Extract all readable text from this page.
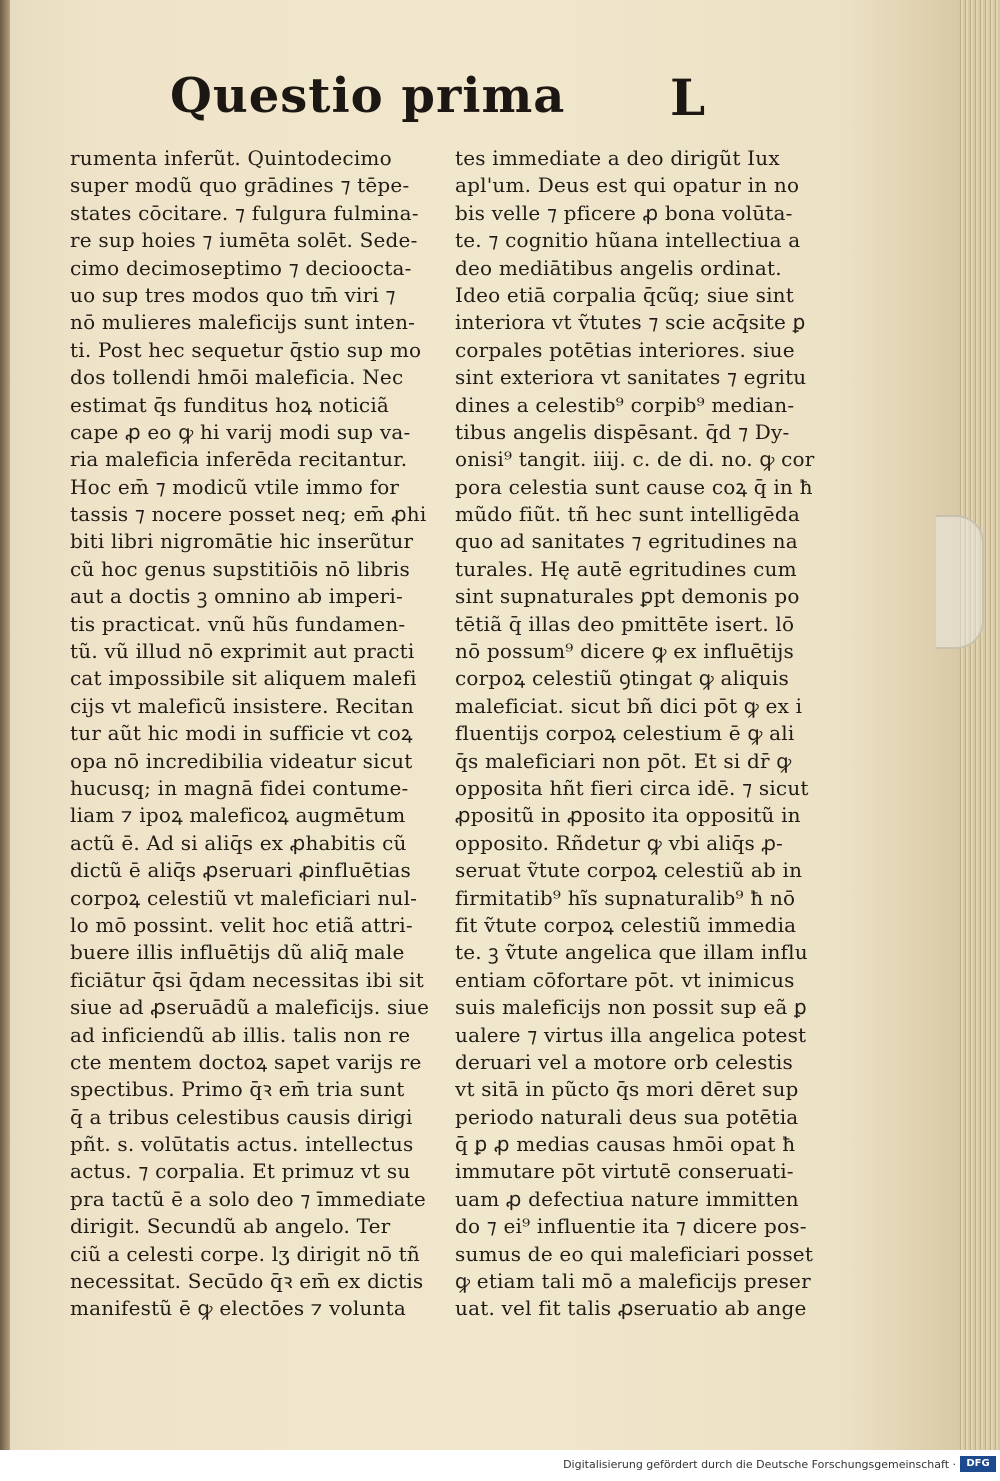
Questio prima L
rumenta inferũt. Quintodecimo
super modũ quo grādines ⁊ tēpe-
states cōcitare. ⁊ fulgura fulmina-
re sup hoies ⁊ iumēta solēt. Sede-
cimo decimoseptimo ⁊ decioocta-
uo sup tres modos quo tm̄ viri ⁊
nō mulieres maleficijs sunt inten-
ti. Post hec sequetur q̄stio sup mo
dos tollendi hmōi maleficia. Nec
estimat q̄s funditus hoꝝ noticiã
cape ꝓ eo ꝙ hi varij modi sup va-
ria maleficia inferēda recitantur.
Hoc em̄ ⁊ modicũ vtile immo for
tassis ⁊ nocere posset neq; em̄ ꝓhi
biti libri nigromātie hic inserũtur
cũ hoc genus supstitiōis nō libris
aut a doctis ꝫ omnino ab imperi-
tis practicat. vnũ hũs fundamen-
tũ. vũ illud nō exprimit aut practi
cat impossibile sit aliquem malefi
cijs vt maleficũ insistere. Recitan
tur aũt hic modi in sufficie vt coꝝ
opa nō incredibilia videatur sicut
hucusq; in magnā fidei contume-
liam ⁊ ipoꝝ maleficoꝝ augmētum
actũ ē. Ad si aliq̄s ex ꝓhabitis cũ
dictũ ē aliq̄s ꝓseruari ꝓinfluētias
corpoꝝ celestiũ vt maleficiari nul-
lo mō possint. velit hoc etiã attri-
buere illis influētijs dũ aliq̄ male
ficiātur q̄si q̄dam necessitas ibi sit
siue ad ꝓseruādũ a maleficijs. siue
ad inficiendũ ab illis. talis non re
cte mentem doctoꝝ sapet varijs re
spectibus. Primo q̄ꝛ em̄ tria sunt
q̄ a tribus celestibus causis dirigi
pñt. s. volūtatis actus. intellectus
actus. ⁊ corpalia. Et primuz vt su
pra tactũ ē a solo deo ⁊ īmmediate
dirigit. Secundũ ab angelo. Ter
ciũ a celesti corpe. lʒ dirigit nō tñ
necessitat. Secūdo q̄ꝛ em̄ ex dictis
manifestũ ē ꝙ electōes ⁊ volunta
tes immediate a deo dirigũt Iux
apl'um. Deus est qui opatur in no
bis velle ⁊ pficere ꝓ bona volūta-
te. ⁊ cognitio hũana intellectiua a
deo mediātibus angelis ordinat.
Ideo etiā corpalia q̄cũq; siue sint
interiora vt ṽtutes ⁊ scie acq̄site ꝑ
corpales potētias interiores. siue
sint exteriora vt sanitates ⁊ egritu
dines a celestib⁹ corpib⁹ median-
tibus angelis dispēsant. q̄d ⁊ Dy-
onisi⁹ tangit. iiij. c. de di. no. ꝙ cor
pora celestia sunt cause coꝝ q̄ in ħ
mũdo fiũt. tñ hec sunt intelligēda
quo ad sanitates ⁊ egritudines na
turales. Hę autē egritudines cum
sint supnaturales ꝑpt demonis po
tētiã q̄ illas deo pmittēte isert. lō
nō possum⁹ dicere ꝙ ex influētijs
corpoꝝ celestiũ ꝯtingat ꝙ aliquis
maleficiat. sicut bñ dici pōt ꝙ ex i
fluentijs corpoꝝ celestium ē ꝙ ali
q̄s maleficiari non pōt. Et si dr̄ ꝙ
opposita hñt fieri circa idē. ⁊ sicut
ꝓpositũ in ꝓposito ita oppositũ in
opposito. Rñdetur ꝙ vbi aliq̄s ꝓ-
seruat ṽtute corpoꝝ celestiũ ab in
firmitatib⁹ hĩs supnaturalib⁹ ħ nō
fit ṽtute corpoꝝ celestiũ immedia
te. ꝫ ṽtute angelica que illam influ
entiam cōfortare pōt. vt inimicus
suis maleficijs non possit sup eã ꝑ
ualere ⁊ virtus illa angelica potest
deruari vel a motore orb celestis
vt sitā in pũcto q̄s mori dēret sup
periodo naturali deus sua potētia
q̄ ꝑ ꝓ medias causas hmōi opat ħ
immutare pōt virtutē conseruati-
uam ꝓ defectiua nature immitten
do ⁊ ei⁹ influentie ita ⁊ dicere pos-
sumus de eo qui maleficiari posset
ꝙ etiam tali mō a maleficijs preser
uat. vel fit talis ꝓseruatio ab ange
Digitalisierung gefördert durch die Deutsche Forschungsgemeinschaft ·	DFG
